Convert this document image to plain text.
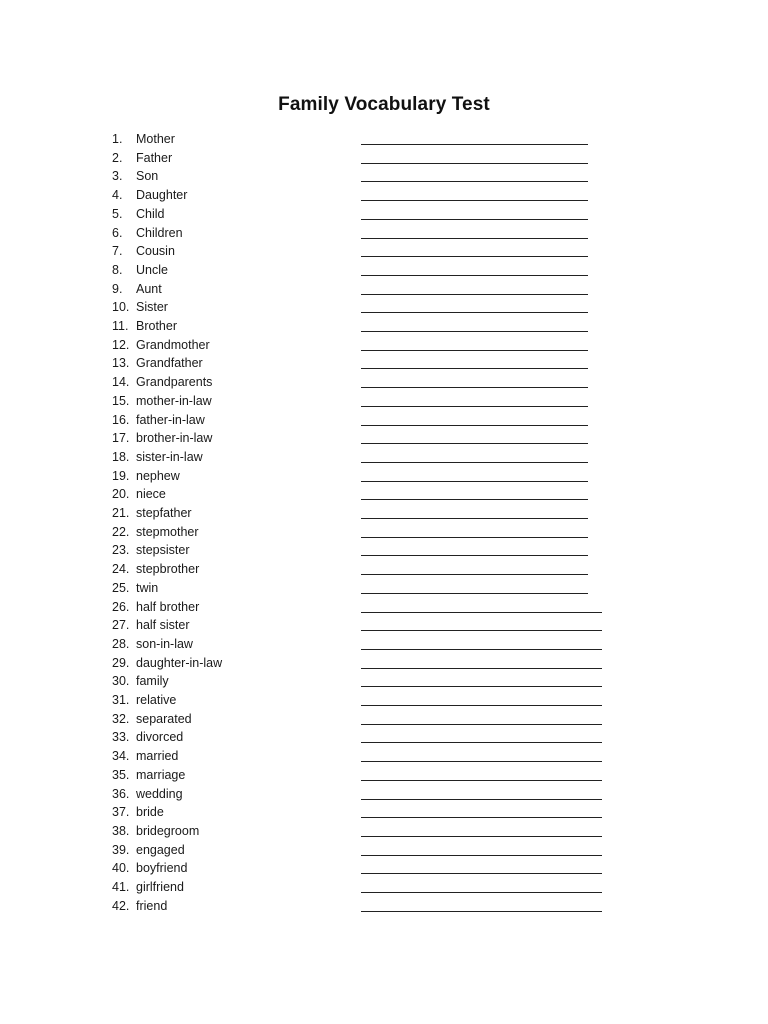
Family Vocabulary Test
1. Mother
2. Father
3. Son
4. Daughter
5. Child
6. Children
7. Cousin
8. Uncle
9. Aunt
10. Sister
11. Brother
12. Grandmother
13. Grandfather
14. Grandparents
15. mother-in-law
16. father-in-law
17. brother-in-law
18. sister-in-law
19. nephew
20. niece
21. stepfather
22. stepmother
23. stepsister
24. stepbrother
25. twin
26. half brother
27. half sister
28. son-in-law
29. daughter-in-law
30. family
31. relative
32. separated
33. divorced
34. married
35. marriage
36. wedding
37. bride
38. bridegroom
39. engaged
40. boyfriend
41. girlfriend
42. friend
